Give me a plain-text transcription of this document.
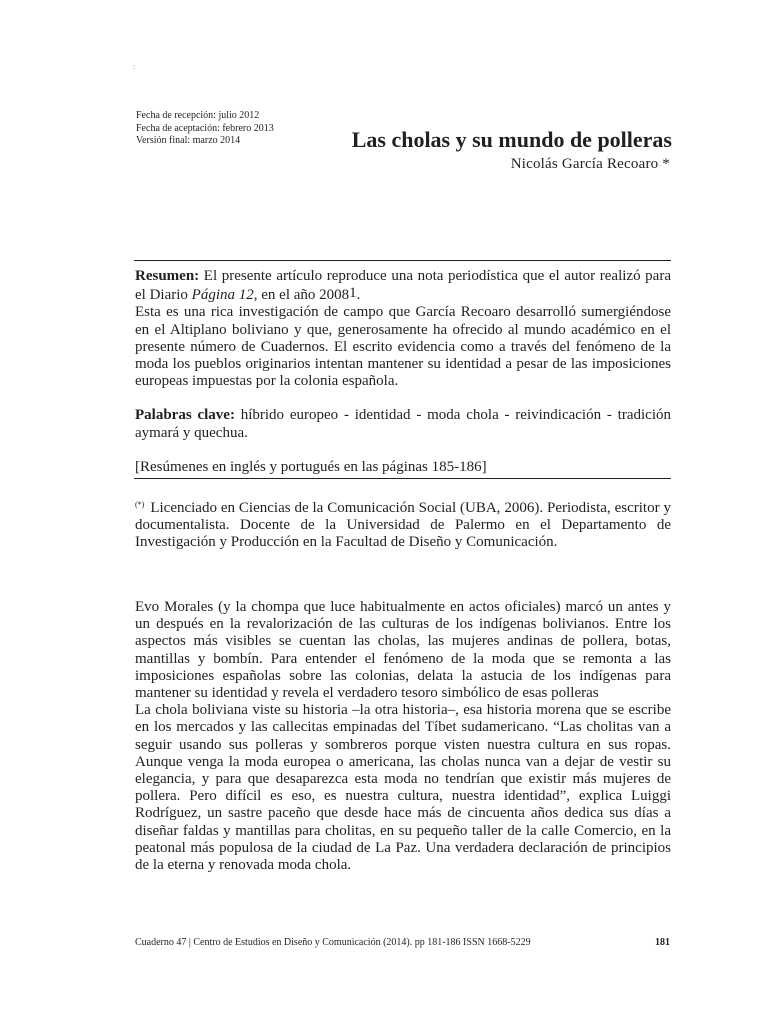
:
Fecha de recepción: julio 2012
Fecha de aceptación: febrero 2013
Versión final: marzo 2014	Las cholas y su mundo de polleras
Nicolás García Recoaro *

Resumen: El presente artículo reproduce una nota periodística que el autor realizó para el Diario Página 12, en el año 20081.

Esta es una rica investigación de campo que García Recoaro desarrolló sumergiéndose en el Altiplano boliviano y que, generosamente ha ofrecido al mundo académico en el presente número de Cuadernos. El escrito evidencia como a través del fenómeno de la moda los pueblos originarios intentan mantener su identidad a pesar de las imposiciones europeas impuestas por la colonia española.

Palabras clave: híbrido europeo - identidad - moda chola - reivindicación - tradición aymará y quechua.

[Resúmenes en inglés y portugués en las páginas 185-186]

(*) Licenciado en Ciencias de la Comunicación Social (UBA, 2006). Periodista, escritor y documentalista. Docente de la Universidad de Palermo en el Departamento de Investigación y Producción en la Facultad de Diseño y Comunicación.

Evo Morales (y la chompa que luce habitualmente en actos oficiales) marcó un antes y un después en la revalorización de las culturas de los indígenas bolivianos. Entre los aspectos más visibles se cuentan las cholas, las mujeres andinas de pollera, botas, mantillas y bombín. Para entender el fenómeno de la moda que se remonta a las imposiciones españolas sobre las colonias, delata la astucia de los indígenas para mantener su identidad y revela el verdadero tesoro simbólico de esas polleras

La chola boliviana viste su historia –la otra historia–, esa historia morena que se escribe en los mercados y las callecitas empinadas del Tíbet sudamericano. “Las cholitas van a seguir usando sus polleras y sombreros porque visten nuestra cultura en sus ropas. Aunque venga la moda europea o americana, las cholas nunca van a dejar de vestir su elegancia, y para que desaparezca esta moda no tendrían que existir más mujeres de pollera. Pero difícil es eso, es nuestra cultura, nuestra identidad”, explica Luiggi Rodríguez, un sastre paceño que desde hace más de cincuenta años dedica sus días a diseñar faldas y mantillas para cholitas, en su pequeño taller de la calle Comercio, en la peatonal más populosa de la ciudad de La Paz. Una verdadera declaración de principios de la eterna y renovada moda chola.

Cuaderno 47 | Centro de Estudios en Diseño y Comunicación (2014). pp 181-186 ISSN 1668-5229	181
